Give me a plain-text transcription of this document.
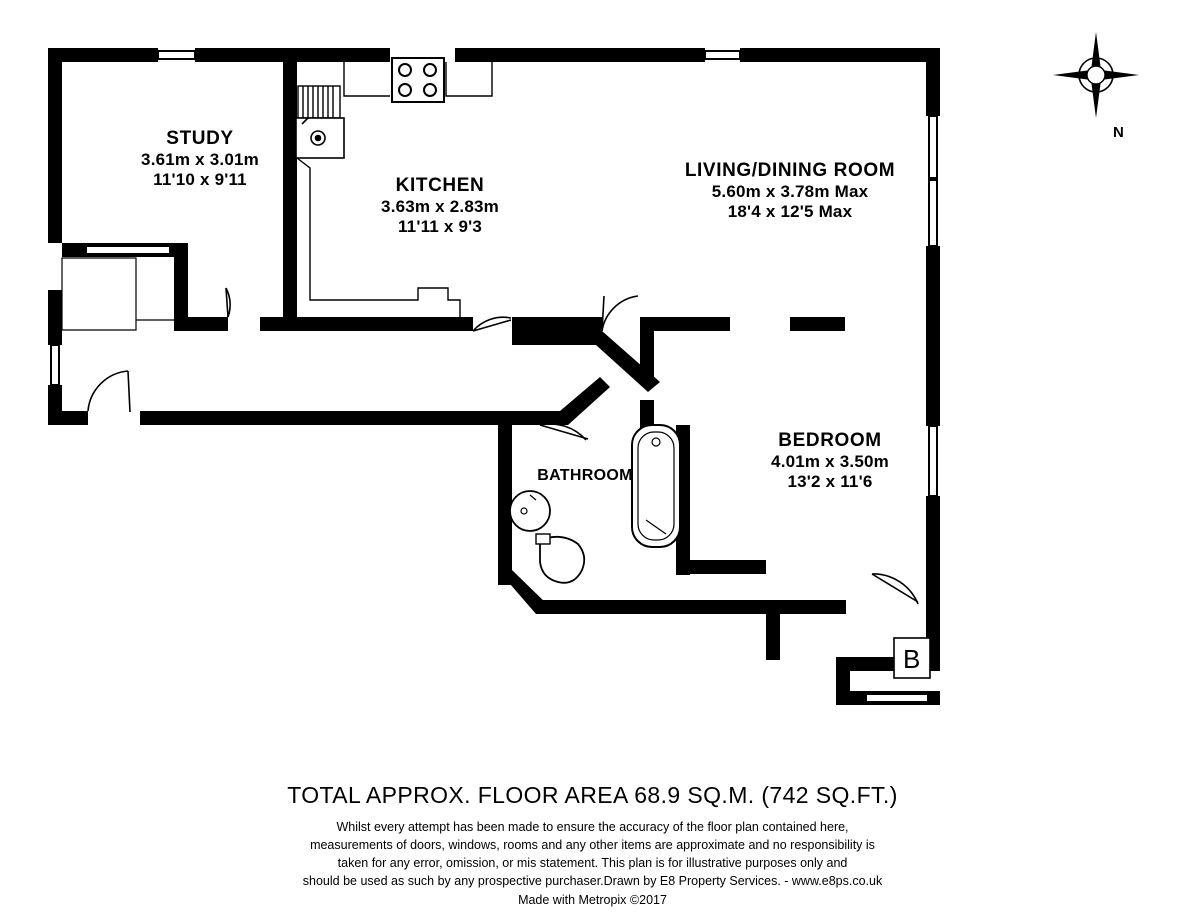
STUDY
3.61m x 3.01m
11'10 x 9'11	KITCHEN
3.63m x 2.83m
11'11 x 9'3
LIVING/DINING ROOM
5.60m x 3.78m Max
18'4 x 12'5 Max
BEDROOM
4.01m x 3.50m
13'2 x 11'6
BATHROOM
B
N
TOTAL APPROX. FLOOR AREA 68.9 SQ.M. (742 SQ.FT.)
Whilst every attempt has been made to ensure the accuracy of the floor plan contained here,
measurements of doors, windows, rooms and any other items are approximate and no responsibility is
taken for any error, omission, or mis statement. This plan is for illustrative purposes only and
should be used as such by any prospective purchaser.Drawn by E8 Property Services. - www.e8ps.co.uk
Made with Metropix ©2017
